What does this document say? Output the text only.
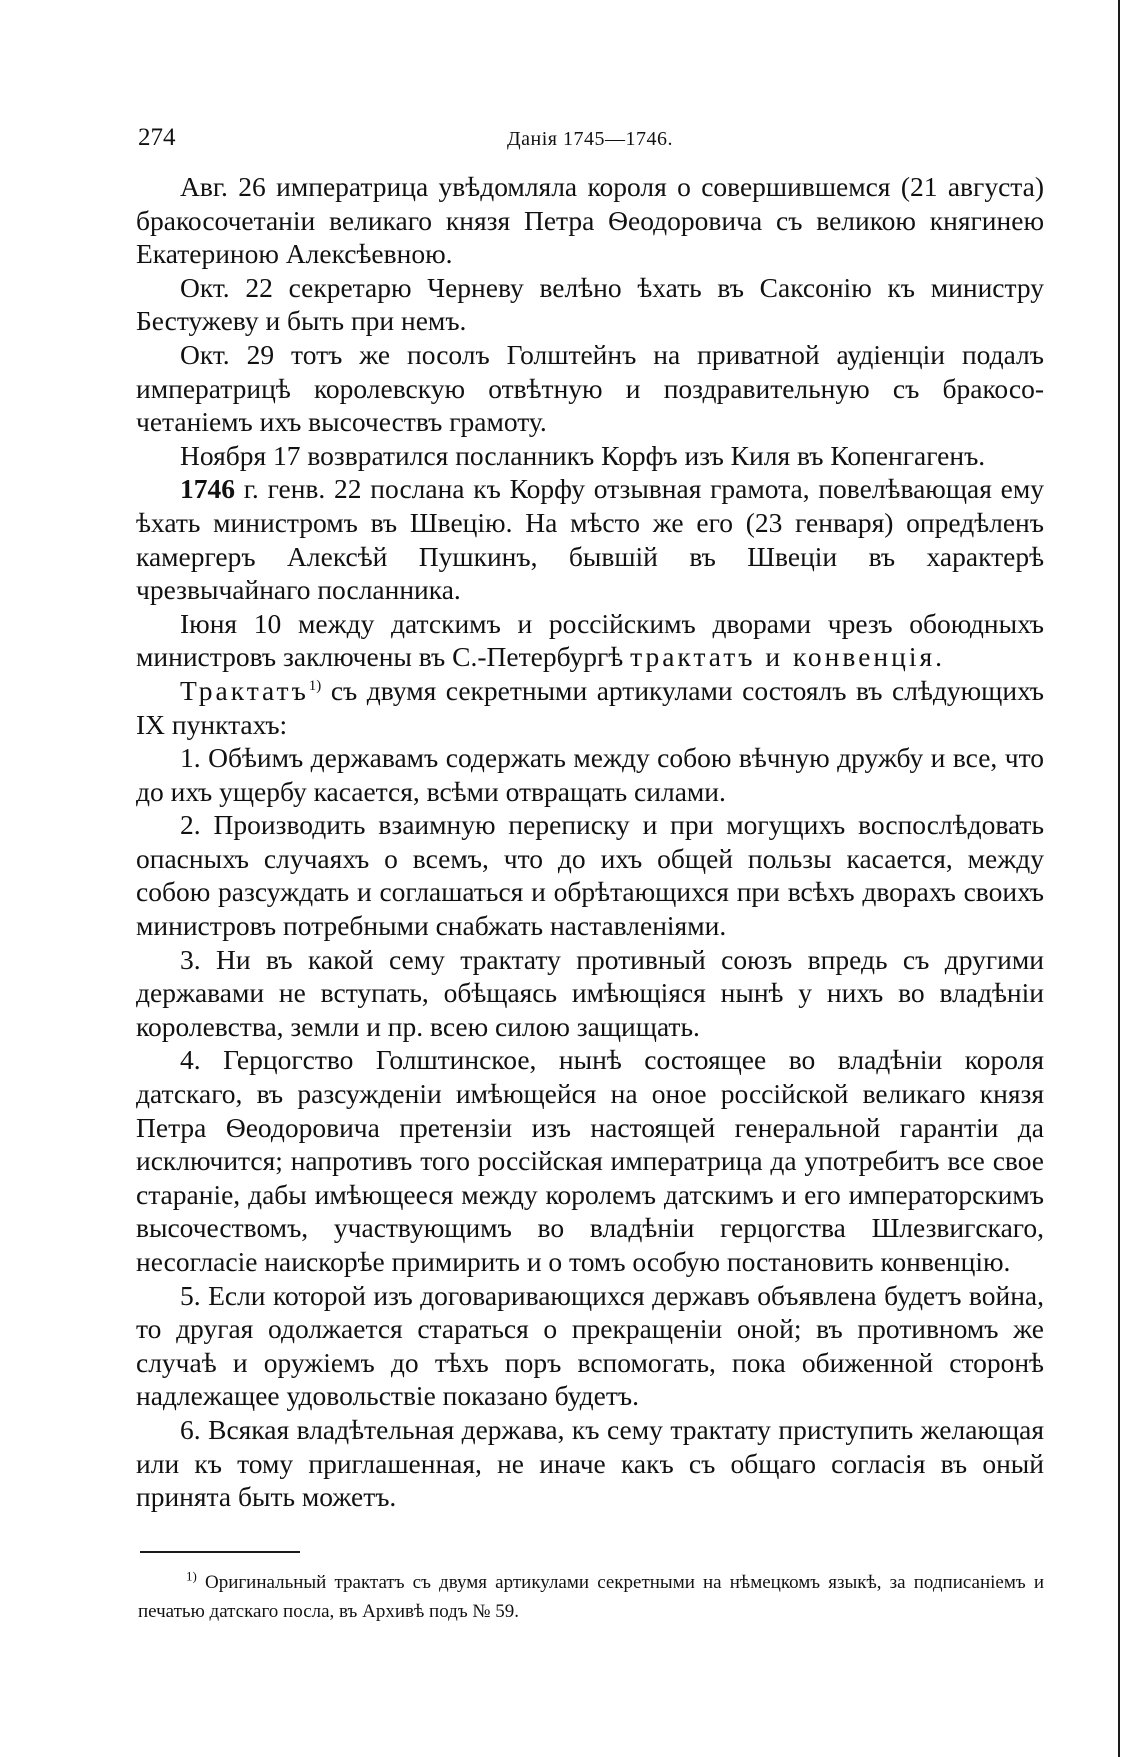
274	Данія 1745—1746.

Авг. 26 императрица увѣдомляла короля о совершившемся (21 августа) бракосочетаніи великаго князя Петра Ѳеодоровича съ великою княгинею Екатериною Алексѣевною.

Окт. 22 секретарю Черневу велѣно ѣхать въ Саксонію къ министру Бестужеву и быть при немъ.

Окт. 29 тотъ же посолъ Голштейнъ на приватной аудіенціи подалъ императрицѣ королевскую отвѣтную и поздравительную съ бракосочетаніемъ ихъ высочествъ грамоту.

Ноября 17 возвратился посланникъ Корфъ изъ Киля въ Копенгагенъ.

1746 г. генв. 22 послана къ Корфу отзывная грамота, повелѣвающая ему ѣхать министромъ въ Швецію. На мѣсто же его (23 генваря) опредѣленъ камергеръ Алексѣй Пушкинъ, бывшій въ Швеціи въ характерѣ чрезвычайнаго посланника.

Іюня 10 между датскимъ и россійскимъ дворами чрезъ обоюдныхъ министровъ заключены въ С.-Петербургѣ трактатъ и конвенція.

Трактатъ$^{1)}$ съ двумя секретными артикулами состоялъ въ слѣдующихъ IX пунктахъ:

1. Обѣимъ державамъ содержать между собою вѣчную дружбу и все, что до ихъ ущербу касается, всѣми отвращать силами.

2. Производить взаимную переписку и при могущихъ воспослѣдовать опасныхъ случаяхъ о всемъ, что до ихъ общей пользы касается, между собою разсуждать и соглашаться и обрѣтающихся при всѣхъ дворахъ своихъ министровъ потребными снабжать наставленіями.

3. Ни въ какой сему трактату противный союзъ впредь съ другими державами не вступать, обѣщаясь имѣющіяся нынѣ у нихъ во владѣніи королевства, земли и пр. всею силою защищать.

4. Герцогство Голштинское, нынѣ состоящее во владѣніи короля датскаго, въ разсужденіи имѣющейся на оное россійской великаго князя Петра Ѳеодоровича претензіи изъ настоящей генеральной гарантіи да исключится; напротивъ того россійская императрица да употребитъ все свое стараніе, дабы имѣющееся между королемъ датскимъ и его императорскимъ высочествомъ, участвующимъ во владѣніи герцогства Шлезвигскаго, несогласіе наискорѣе примирить и о томъ особую постановить конвенцію.

5. Если которой изъ договаривающихся державъ объявлена будетъ война, то другая одолжается стараться о прекращеніи оной; въ противномъ же случаѣ и оружіемъ до тѣхъ поръ вспомогать, пока обиженной сторонѣ надлежащее удовольствіе показано будетъ.

6. Всякая владѣтельная держава, къ сему трактату приступить желающая или къ тому приглашенная, не иначе какъ съ общаго согласія въ оный принята быть можетъ.

$^{1)}$ Оригинальный трактатъ съ двумя артикулами секретными на нѣмецкомъ языкѣ, за подписаніемъ и печатью датскаго посла, въ Архивѣ подъ № 59.
